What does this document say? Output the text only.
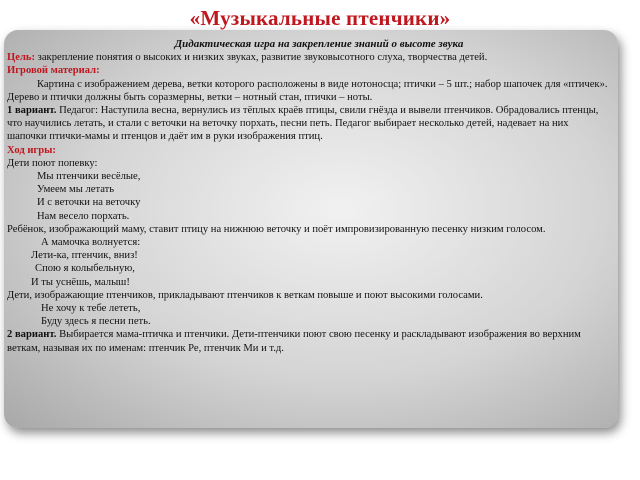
«Музыкальные птенчики»
Дидактическая игра на закрепление знаний о высоте звука
Цель: закрепление понятия о высоких и низких звуках, развитие звуковысотного слуха, творчества детей.
Игровой материал:
Картина с изображением дерева, ветки которого расположены в виде нотоносца; птички – 5 шт.; набор шапочек для «птичек». Дерево и птички должны быть соразмерны, ветки – нотный стан, птички – ноты.
1 вариант. Педагог: Наступила весна, вернулись из тёплых краёв птицы, свили гнёзда и вывели птенчиков. Обрадовались птенцы, что научились летать, и стали с веточки на веточку порхать, песни петь. Педагог выбирает несколько детей, надевает на них шапочки птички-мамы и птенцов и даёт им в руки изображения птиц.
Ход игры:
Дети поют попевку:
Мы птенчики весёлые,
Умеем мы летать
И с веточки на веточку
Нам весело порхать.
Ребёнок, изображающий маму, ставит птицу на нижнюю веточку и поёт импровизированную песенку низким голосом.
А мамочка волнуется:
Лети-ка, птенчик, вниз!
Спою я колыбельную,
И ты уснёшь, малыш!
Дети, изображающие птенчиков, прикладывают птенчиков к веткам повыше и поют высокими голосами.
Не хочу к тебе лететь,
Буду здесь я песни петь.
2 вариант. Выбирается мама-птичка и птенчики. Дети-птенчики поют свою песенку и раскладывают изображения во верхним веткам, называя их по именам: птенчик Ре, птенчик Ми и т.д.
